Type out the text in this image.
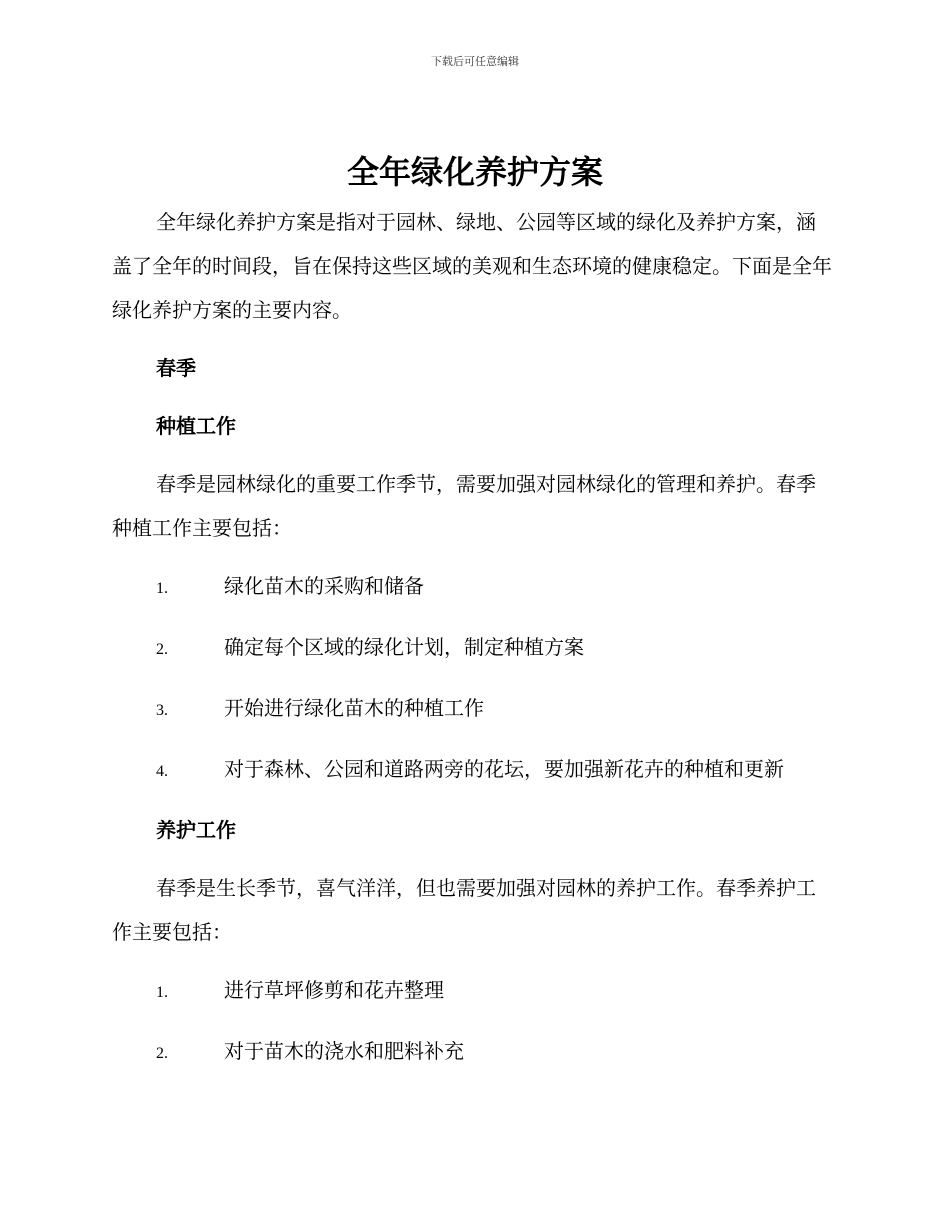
下载后可任意编辑
全年绿化养护方案

全年绿化养护方案是指对于园林、绿地、公园等区域的绿化及养护方案，涵盖了全年的时间段，旨在保持这些区域的美观和生态环境的健康稳定。下面是全年绿化养护方案的主要内容。

春季
种植工作

春季是园林绿化的重要工作季节，需要加强对园林绿化的管理和养护。春季种植工作主要包括：

1.	绿化苗木的采购和储备
2.	确定每个区域的绿化计划，制定种植方案
3.	开始进行绿化苗木的种植工作
4.	对于森林、公园和道路两旁的花坛，要加强新花卉的种植和更新
养护工作

春季是生长季节，喜气洋洋，但也需要加强对园林的养护工作。春季养护工作主要包括：

1.	进行草坪修剪和花卉整理
2.	对于苗木的浇水和肥料补充
